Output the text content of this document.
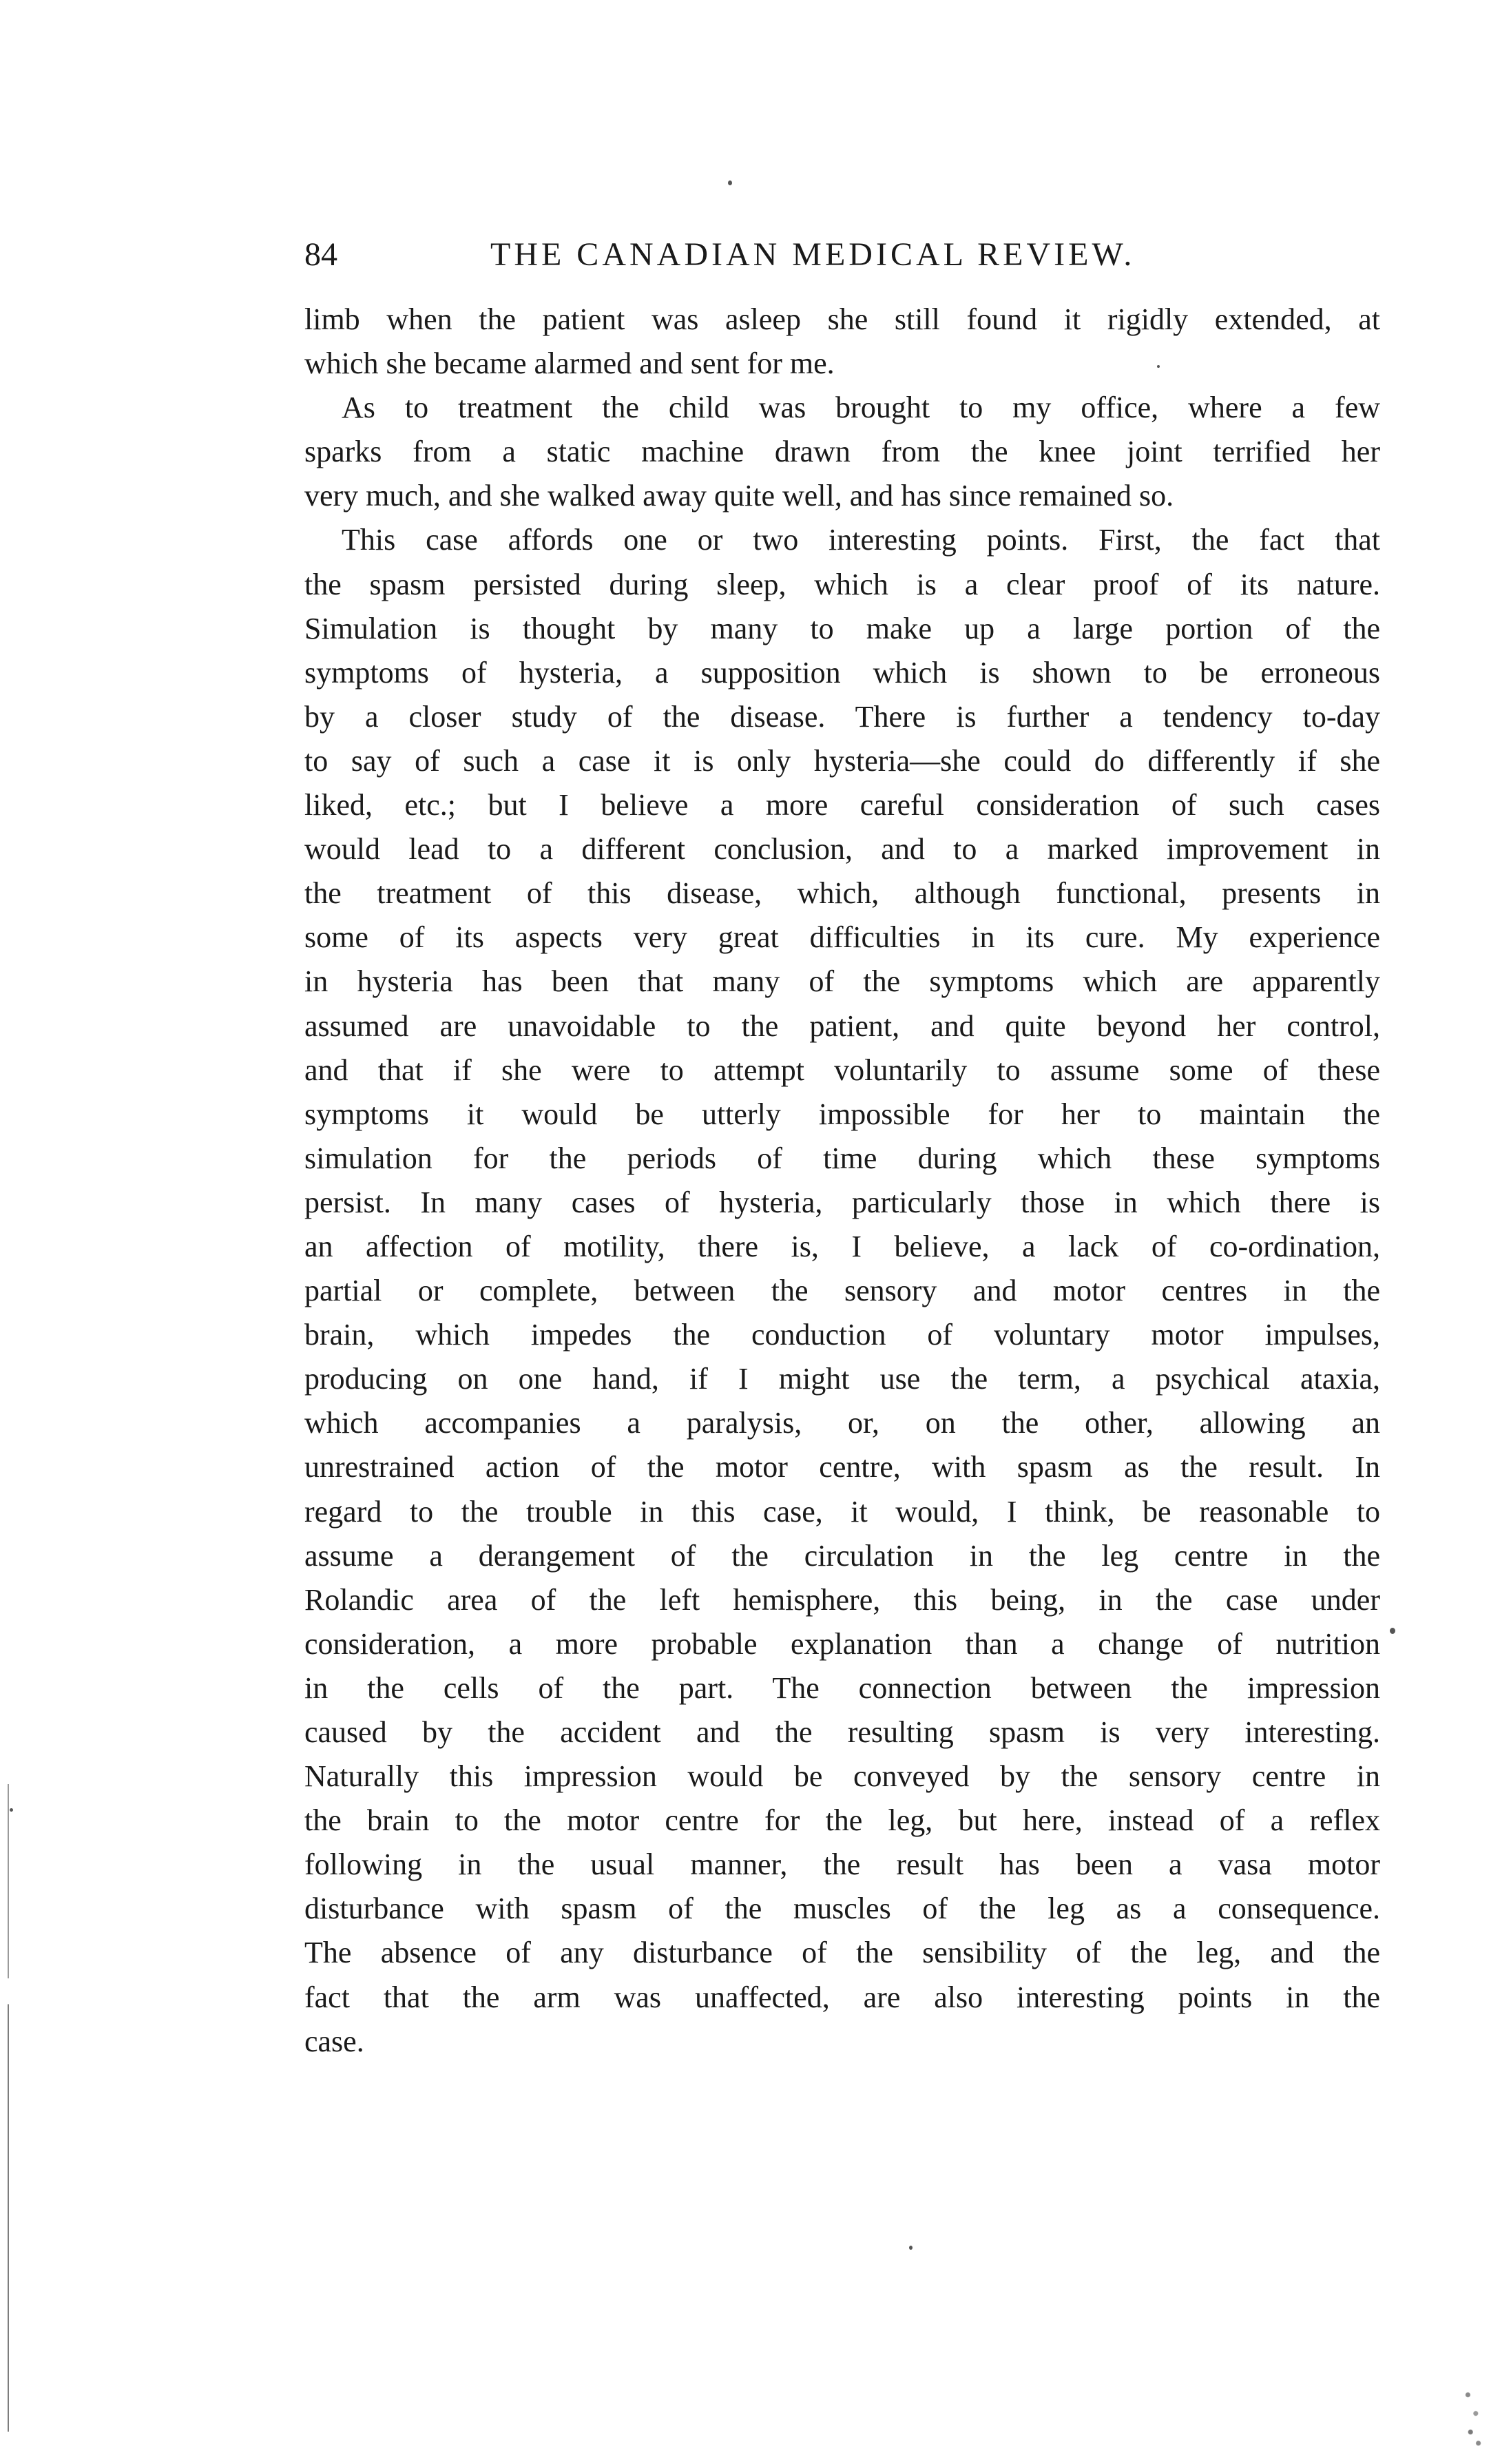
84	THE CANADIAN MEDICAL REVIEW.
limb when the patient was asleep she still found it rigidly extended, at
which she became alarmed and sent for me.
As to treatment the child was brought to my office, where a few
sparks from a static machine drawn from the knee joint terrified her
very much, and she walked away quite well, and has since remained so.
This case affords one or two interesting points. First, the fact that
the spasm persisted during sleep, which is a clear proof of its nature.
Simulation is thought by many to make up a large portion of the
symptoms of hysteria, a supposition which is shown to be erroneous
by a closer study of the disease. There is further a tendency to-day
to say of such a case it is only hysteria—she could do differently if she
liked, etc.; but I believe a more careful consideration of such cases
would lead to a different conclusion, and to a marked improvement in
the treatment of this disease, which, although functional, presents in
some of its aspects very great difficulties in its cure. My experience
in hysteria has been that many of the symptoms which are apparently
assumed are unavoidable to the patient, and quite beyond her control,
and that if she were to attempt voluntarily to assume some of these
symptoms it would be utterly impossible for her to maintain the
simulation for the periods of time during which these symptoms
persist. In many cases of hysteria, particularly those in which there is
an affection of motility, there is, I believe, a lack of co-ordination,
partial or complete, between the sensory and motor centres in the
brain, which impedes the conduction of voluntary motor impulses,
producing on one hand, if I might use the term, a psychical ataxia,
which accompanies a paralysis, or, on the other, allowing an
unrestrained action of the motor centre, with spasm as the result. In
regard to the trouble in this case, it would, I think, be reasonable to
assume a derangement of the circulation in the leg centre in the
Rolandic area of the left hemisphere, this being, in the case under
consideration, a more probable explanation than a change of nutrition
in the cells of the part. The connection between the impression
caused by the accident and the resulting spasm is very interesting.
Naturally this impression would be conveyed by the sensory centre in
the brain to the motor centre for the leg, but here, instead of a reflex
following in the usual manner, the result has been a vasa motor
disturbance with spasm of the muscles of the leg as a consequence.
The absence of any disturbance of the sensibility of the leg, and the
fact that the arm was unaffected, are also interesting points in the
case.
